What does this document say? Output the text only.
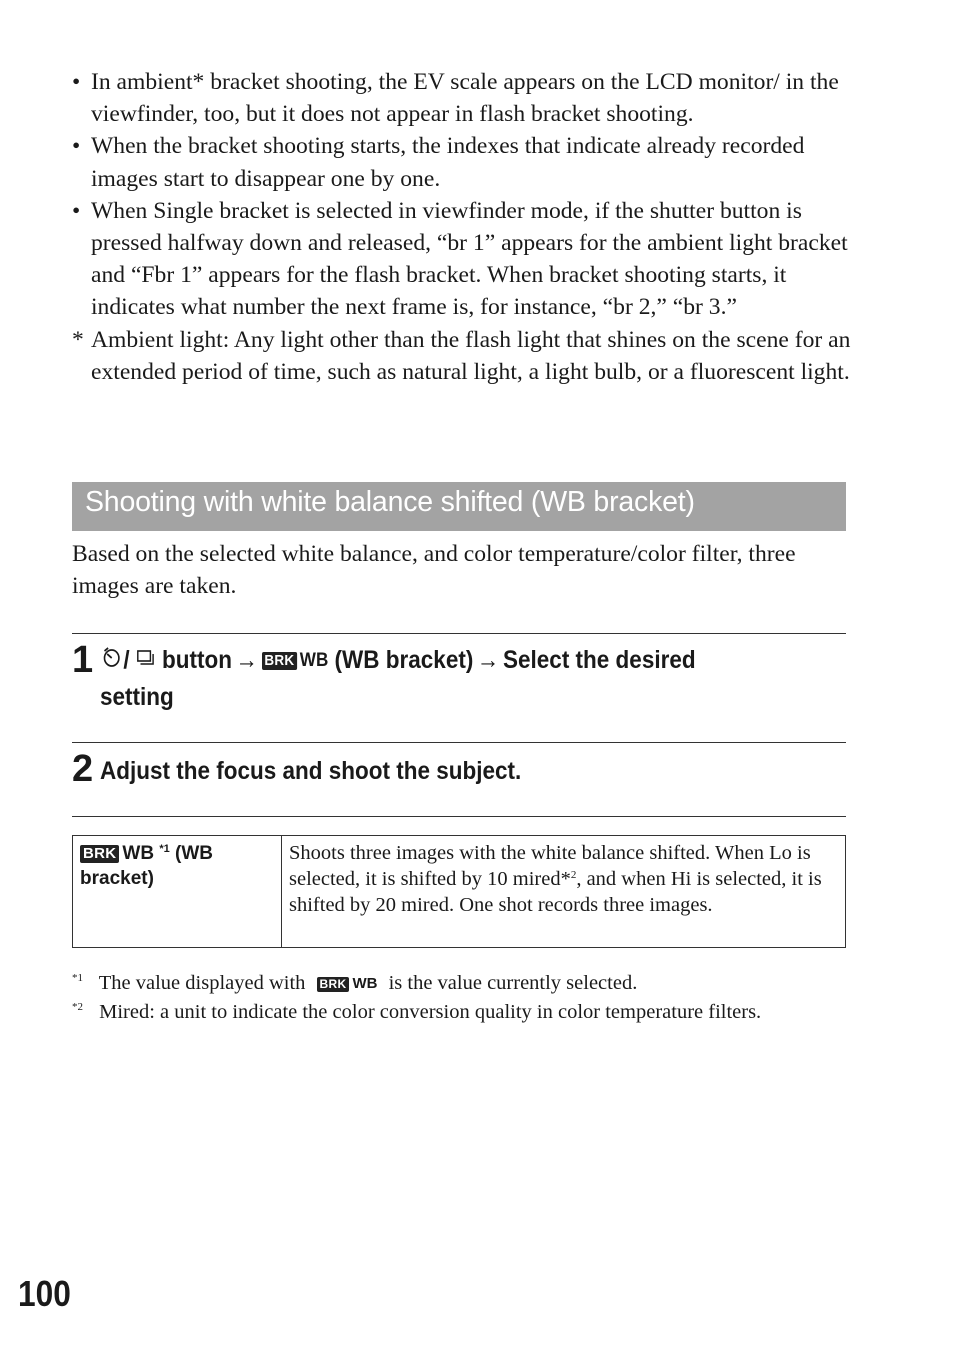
• In ambient* bracket shooting, the EV scale appears on the LCD monitor/ in the viewfinder, too, but it does not appear in flash bracket shooting.
• When the bracket shooting starts, the indexes that indicate already recorded images start to disappear one by one.
• When Single bracket is selected in viewfinder mode, if the shutter button is pressed halfway down and released, “br 1” appears for the ambient light bracket and “Fbr 1” appears for the flash bracket. When bracket shooting starts, it indicates what number the next frame is, for instance, “br 2,” “br 3.”
* Ambient light: Any light other than the flash light that shines on the scene for an extended period of time, such as natural light, a light bulb, or a fluorescent light.
Shooting with white balance shifted (WB bracket)
Based on the selected white balance, and color temperature/color filter, three images are taken.
1	/ button → BRK WB (WB bracket) → Select the desired
setting
2 Adjust the focus and shoot the subject.
BRK WB $^{*1}$ (WB
bracket)
Shoots three images with the white balance shifted. When Lo is selected, it is shifted by 10 mired*$^2$, and when Hi is selected, it is shifted by 20 mired. One shot records three images.
*1 The value displayed with BRK WB is the value currently selected.
*2 Mired: a unit to indicate the color conversion quality in color temperature filters.
100
